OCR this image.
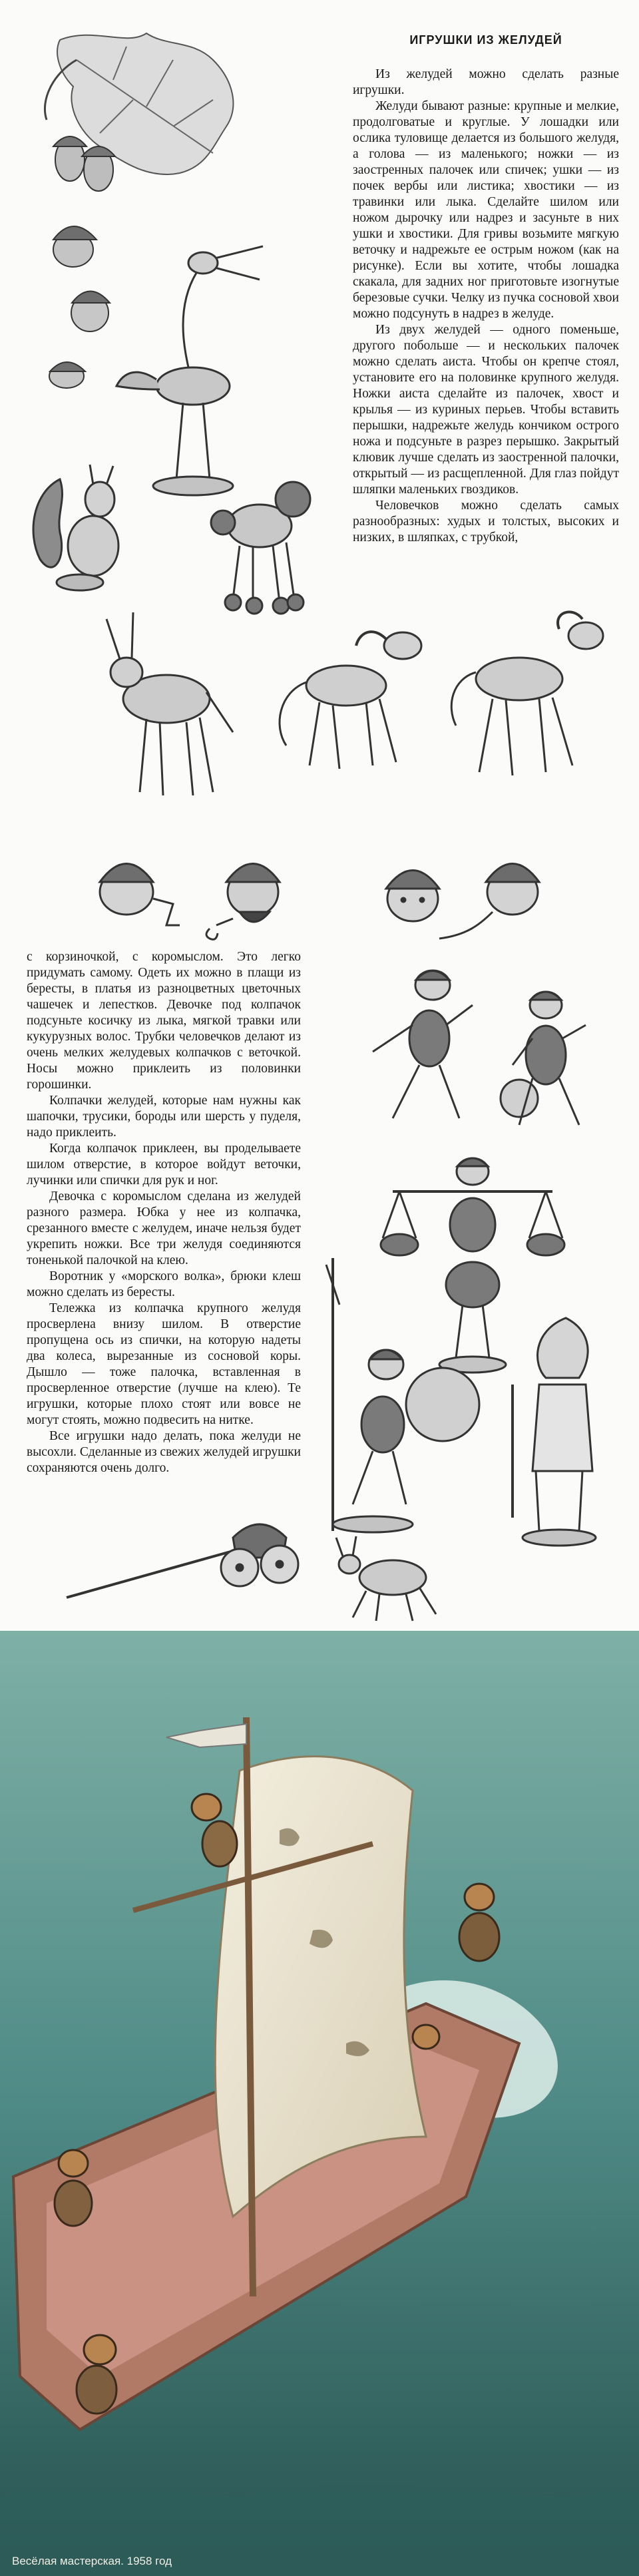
ИГРУШКИ ИЗ ЖЕЛУДЕЙ

Из желудей можно сделать разные игрушки.

Желуди бывают разные: крупные и мелкие, продолговатые и круглые. У лошадки или ослика туловище делается из большого желудя, а голова — из маленького; ножки — из заостренных палочек или спичек; ушки — из почек вербы или листика; хвостики — из травинки или лыка. Сделайте шилом или ножом дырочку или надрез и засуньте в них ушки и хвостики. Для гривы возьмите мягкую веточку и надрежьте ее острым ножом (как на рисунке). Если вы хотите, чтобы лошадка скакала, для задних ног приготовьте изогнутые березовые сучки. Челку из пучка сосновой хвои можно подсунуть в надрез в желуде.

Из двух желудей — одного поменьше, другого побольше — и нескольких палочек можно сделать аиста. Чтобы он крепче стоял, установите его на половинке крупного желудя. Ножки аиста сделайте из палочек, хвост и крылья — из куриных перьев. Чтобы вставить перышки, надрежьте желудь кончиком острого ножа и подсуньте в разрез перышко. Закрытый клювик лучше сделать из заостренной палочки, открытый — из расщепленной. Для глаз пойдут шляпки маленьких гвоздиков.

Человечков можно сделать самых разнообразных: худых и толстых, высоких и низких, в шляпках, с трубкой,

с корзиночкой, с коромыслом. Это легко придумать самому. Одеть их можно в плащи из бересты, в платья из разноцветных цветочных чашечек и лепестков. Девочке под колпачок подсуньте косичку из лыка, мягкой травки или кукурузных волос. Трубки человечков делают из очень мелких желудевых колпачков с веточкой. Носы можно приклеить из половинки горошинки.

Колпачки желудей, которые нам нужны как шапочки, трусики, бороды или шерсть у пуделя, надо приклеить.

Когда колпачок приклеен, вы проделываете шилом отверстие, в которое войдут веточки, лучинки или спички для рук и ног.

Девочка с коромыслом сделана из желудей разного размера. Юбка у нее из колпачка, срезанного вместе с желудем, иначе нельзя будет укрепить ножки. Все три желудя соединяются тоненькой палочкой на клею.

Воротник у «морского волка», брюки клеш можно сделать из бересты.

Тележка из колпачка крупного желудя просверлена внизу шилом. В отверстие пропущена ось из спички, на которую надеты два колеса, вырезанные из сосновой коры. Дышло — тоже палочка, вставленная в просверленное отверстие (лучше на клею). Те игрушки, которые плохо стоят или вовсе не могут стоять, можно подвесить на нитке.

Все игрушки надо делать, пока желуди не высохли. Сделанные из свежих желудей игрушки сохраняются очень долго.

Весёлая мастерская. 1958 год
